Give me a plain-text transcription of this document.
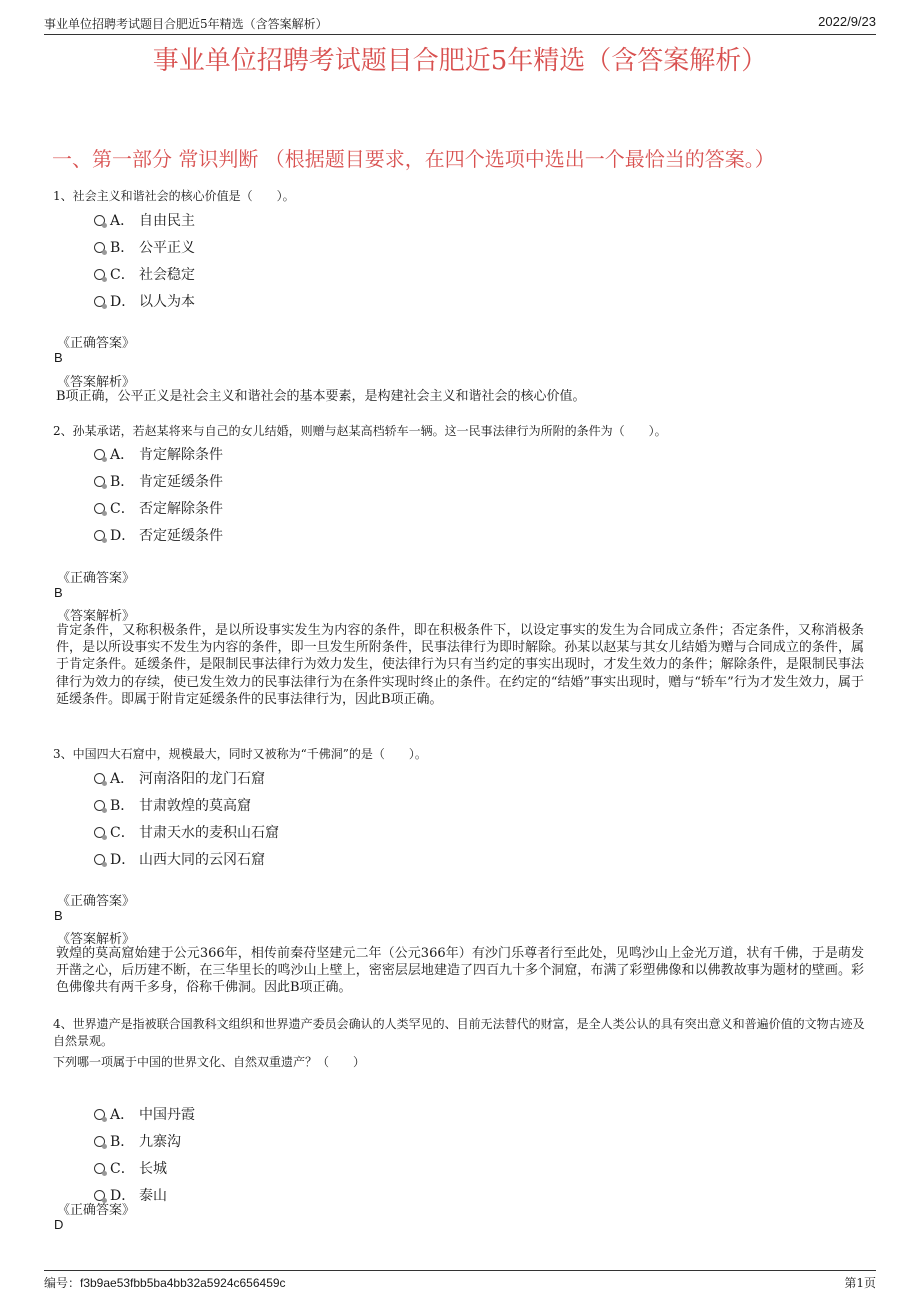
事业单位招聘考试题目合肥近5年精选（含答案解析）	2022/9/23
事业单位招聘考试题目合肥近5年精选（含答案解析）
一、第一部分 常识判断 （根据题目要求，在四个选项中选出一个最恰当的答案。）
1、社会主义和谐社会的核心价值是（　　）。
A． 自由民主
B． 公平正义
C． 社会稳定
D． 以人为本
《正确答案》
B
《答案解析》
B项正确，公平正义是社会主义和谐社会的基本要素，是构建社会主义和谐社会的核心价值。
2、孙某承诺，若赵某将来与自己的女儿结婚，则赠与赵某高档轿车一辆。这一民事法律行为所附的条件为（　　）。
A． 肯定解除条件
B． 肯定延缓条件
C． 否定解除条件
D． 否定延缓条件
《正确答案》
B
《答案解析》
肯定条件，又称积极条件，是以所设事实发生为内容的条件，即在积极条件下，以设定事实的发生为合同成立条件；否定条件，又称消极条件，是以所设事实不发生为内容的条件，即一旦发生所附条件，民事法律行为即时解除。孙某以赵某与其女儿结婚为赠与合同成立的条件，属于肯定条件。延缓条件，是限制民事法律行为效力发生，使法律行为只有当约定的事实出现时，才发生效力的条件；解除条件，是限制民事法律行为效力的存续，使已发生效力的民事法律行为在条件实现时终止的条件。在约定的“结婚”事实出现时，赠与“轿车”行为才发生效力，属于延缓条件。即属于附肯定延缓条件的民事法律行为，因此B项正确。
3、中国四大石窟中，规模最大，同时又被称为“千佛洞”的是（　　）。
A． 河南洛阳的龙门石窟
B． 甘肃敦煌的莫高窟
C． 甘肃天水的麦积山石窟
D． 山西大同的云冈石窟
《正确答案》
B
《答案解析》
敦煌的莫高窟始建于公元366年，相传前秦苻坚建元二年（公元366年）有沙门乐尊者行至此处，见鸣沙山上金光万道，状有千佛，于是萌发开凿之心，后历建不断，在三华里长的鸣沙山上壁上，密密层层地建造了四百九十多个洞窟，布满了彩塑佛像和以佛教故事为题材的壁画。彩色佛像共有两千多身，俗称千佛洞。因此B项正确。
4、世界遗产是指被联合国教科文组织和世界遗产委员会确认的人类罕见的、目前无法替代的财富，是全人类公认的具有突出意义和普遍价值的文物古迹及自然景观。
下列哪一项属于中国的世界文化、自然双重遗产？（　　）
A． 中国丹霞
B． 九寨沟
C． 长城
D． 泰山
《正确答案》
D
编号：f3b9ae53fbb5ba4bb32a5924c656459c	第1页
